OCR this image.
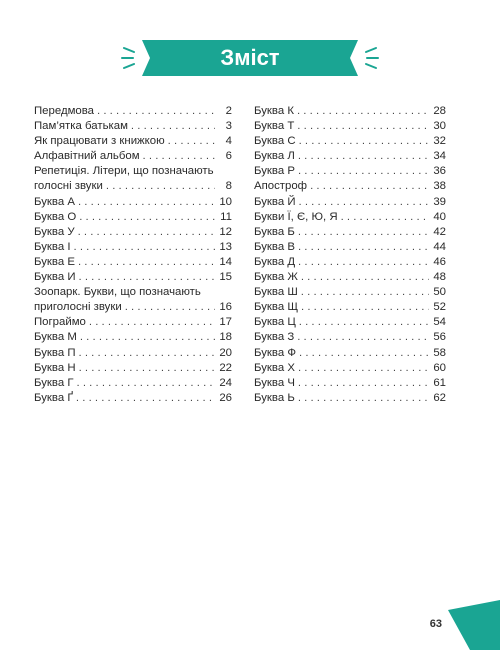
Зміст
Передмова . . .	2
Пам’ятка батькам . . .	3
Як працювати з книжкою . . .	4
Алфавітний альбом . . .	6
Репетиція. Літери, що позначають
голосні звуки . . .	8
Буква А . . .	10
Буква О . . .	11
Буква У . . .	12
Буква І . . .	13
Буква Е . . .	14
Буква И . . .	15
Зоопарк. Букви, що позначають
приголосні звуки . . .	16
Пограймо . . .	17
Буква М . . .	18
Буква П . . .	20
Буква Н . . .	22
Буква Г . . .	24
Буква Ґ . . .	26
Буква К . . .	28
Буква Т . . .	30
Буква С . . .	32
Буква Л . . .	34
Буква Р . . .	36
Апостроф . . .	38
Буква Й . . .	39
Букви Ї, Є, Ю, Я . . .	40
Буква Б . . .	42
Буква В . . .	44
Буква Д . . .	46
Буква Ж . . .	48
Буква Ш . . .	50
Буква Щ . . .	52
Буква Ц . . .	54
Буква З . . .	56
Буква Ф . . .	58
Буква Х . . .	60
Буква Ч . . .	61
Буква Ь . . .	62
63
